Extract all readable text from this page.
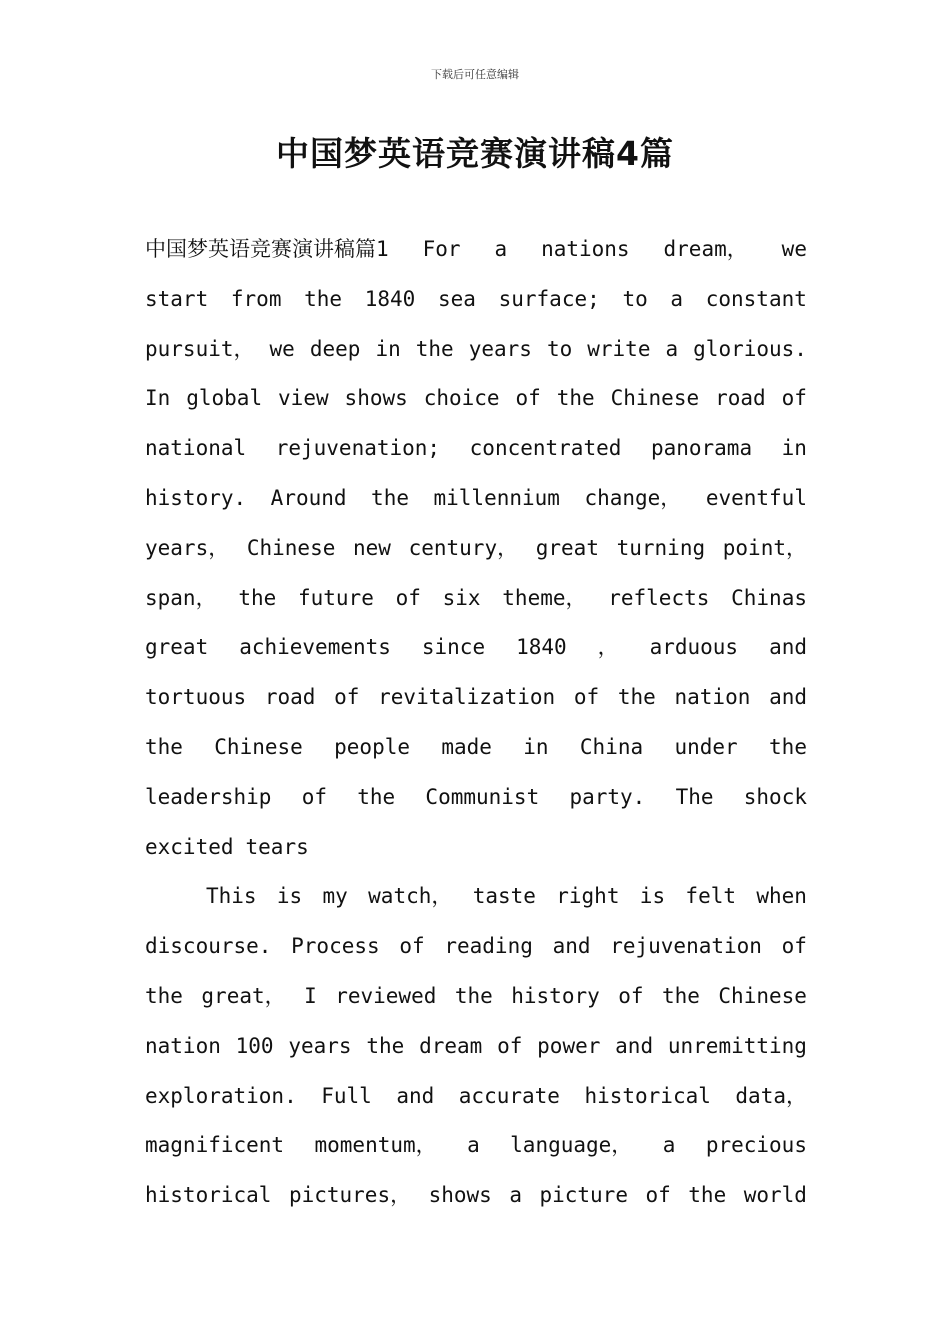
下载后可任意编辑
中国梦英语竞赛演讲稿4篇
中国梦英语竞赛演讲稿篇1 For a nations dream， we
start from the 1840 sea surface; to a constant
pursuit， we deep in the years to write a glorious.
In global view shows choice of the Chinese road of
national rejuvenation; concentrated panorama in
history. Around the millennium change， eventful
years， Chinese new century， great turning point，
span， the future of six theme， reflects Chinas
great achievements since 1840 ， arduous and
tortuous road of revitalization of the nation and
the Chinese people made in China under the
leadership of the Communist party. The shock
excited tears
This is my watch， taste right is felt when
discourse. Process of reading and rejuvenation of
the great， I reviewed the history of the Chinese
nation 100 years the dream of power and unremitting
exploration. Full and accurate historical data，
magnificent momentum， a language， a precious
historical pictures， shows a picture of the world
